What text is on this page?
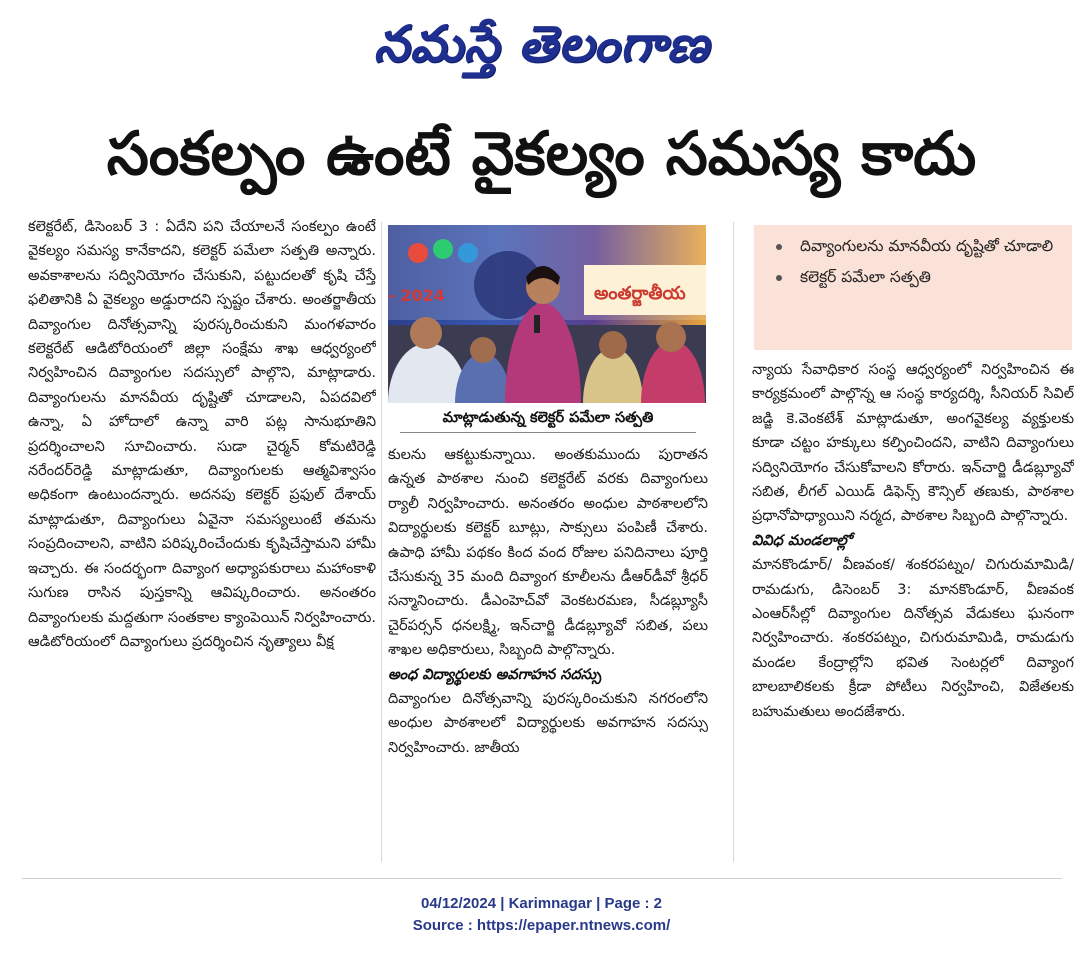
నమస్తే తెలంగాణ
సంకల్పం ఉంటే వైకల్యం సమస్య కాదు

కలెక్టరేట్, డిసెంబర్ 3 : ఏదేని పని చేయాలనే సంకల్పం ఉంటే వైకల్యం సమస్య కానేకాదని, కలెక్టర్ పమేలా సత్పతి అన్నారు. అవకాశాలను సద్వినియోగం చేసుకుని, పట్టుదలతో కృషి చేస్తే ఫలితానికి ఏ వైకల్యం అడ్డురాదని స్పష్టం చేశారు. అంతర్జాతీయ దివ్యాంగుల దినోత్సవాన్ని పురస్కరించుకుని మంగళవారం కలెక్టరేట్ ఆడిటోరియంలో జిల్లా సంక్షేమ శాఖ ఆధ్వర్యంలో నిర్వహించిన దివ్యాంగుల సదస్సులో పాల్గొని, మాట్లాడారు. దివ్యాంగులను మానవీయ దృష్టితో చూడాలని, ఏపదవిలో ఉన్నా, ఏ హోదాలో ఉన్నా వారి పట్ల సానుభూతిని ప్రదర్శించాలని సూచించారు. సుడా చైర్మన్ కోమటిరెడ్డి నరేందర్‌రెడ్డి మాట్లాడుతూ, దివ్యాంగులకు ఆత్మవిశ్వాసం అధికంగా ఉంటుందన్నారు. అదనపు కలెక్టర్ ప్రఫుల్ దేశాయ్ మాట్లాడుతూ, దివ్యాంగులు ఏవైనా సమస్యలుంటే తమను సంప్రదించాలని, వాటిని పరిష్కరించేందుకు కృషిచేస్తామని హామీ ఇచ్చారు. ఈ సందర్భంగా దివ్యాంగ అధ్యాపకురాలు మహాంకాళి సుగుణ రాసిన పుస్తకాన్ని ఆవిష్కరించారు. అనంతరం దివ్యాంగులకు మద్దతుగా సంతకాల క్యాంపెయిన్ నిర్వహించారు. ఆడిటోరియంలో దివ్యాంగులు ప్రదర్శించిన నృత్యాలు వీక్ష

- 2024	అంతర్జాతీయ
మాట్లాడుతున్న కలెక్టర్ పమేలా సత్పతి

కులను ఆకట్టుకున్నాయి. అంతకుముందు పురాతన ఉన్నత పాఠశాల నుంచి కలెక్టరేట్ వరకు దివ్యాంగులు ర్యాలీ నిర్వహించారు. అనంతరం అంధుల పాఠశాలలోని విద్యార్థులకు కలెక్టర్ బూట్లు, సాక్సులు పంపిణీ చేశారు. ఉపాధి హామీ పథకం కింద వంద రోజుల పనిదినాలు పూర్తి చేసుకున్న 35 మంది దివ్యాంగ కూలీలను డీఆర్‌డీవో శ్రీధర్ సన్మానించారు. డీఎంహెచ్‌వో వెంకటరమణ, సీడబ్ల్యూసీ చైర్‌పర్సన్ ధనలక్ష్మి, ఇన్‌చార్జి డీడబ్ల్యూవో సబిత, పలు శాఖల అధికారులు, సిబ్బంది పాల్గొన్నారు.

అంధ విద్యార్థులకు అవగాహన సదస్సు

దివ్యాంగుల దినోత్సవాన్ని పురస్కరించుకుని నగరంలోని అంధుల పాఠశాలలో విద్యార్థులకు అవగాహన సదస్సు నిర్వహించారు. జాతీయ

దివ్యాంగులను మానవీయ దృష్టితో చూడాలి
కలెక్టర్ పమేలా సత్పతి

న్యాయ సేవాధికార సంస్థ ఆధ్వర్యంలో నిర్వహించిన ఈ కార్యక్రమంలో పాల్గొన్న ఆ సంస్థ కార్యదర్శి, సీనియర్ సివిల్ జడ్జి కె.వెంకటేశ్ మాట్లాడుతూ, అంగవైకల్య వ్యక్తులకు కూడా చట్టం హక్కులు కల్పించిందని, వాటిని దివ్యాంగులు సద్వినియోగం చేసుకోవాలని కోరారు. ఇన్‌చార్జి డీడబ్ల్యూవో సబిత, లీగల్ ఎయిడ్ డిఫెన్స్ కౌన్సిల్ తణుకు, పాఠశాల ప్రధానోపాధ్యాయిని నర్మద, పాఠశాల సిబ్బంది పాల్గొన్నారు.

వివిధ మండలాల్లో

మానకొండూర్/ వీణవంక/ శంకరపట్నం/ చిగురుమామిడి/ రామడుగు, డిసెంబర్ 3: మానకొండూర్, వీణవంక ఎంఆర్‌సీల్లో దివ్యాంగుల దినోత్సవ వేడుకలు ఘనంగా నిర్వహించారు. శంకరపట్నం, చిగురుమామిడి, రామడుగు మండల కేంద్రాల్లోని భవిత సెంటర్లలో దివ్యాంగ బాలబాలికలకు క్రీడా పోటీలు నిర్వహించి, విజేతలకు బహుమతులు అందజేశారు.

04/12/2024 | Karimnagar | Page : 2
Source : https://epaper.ntnews.com/
